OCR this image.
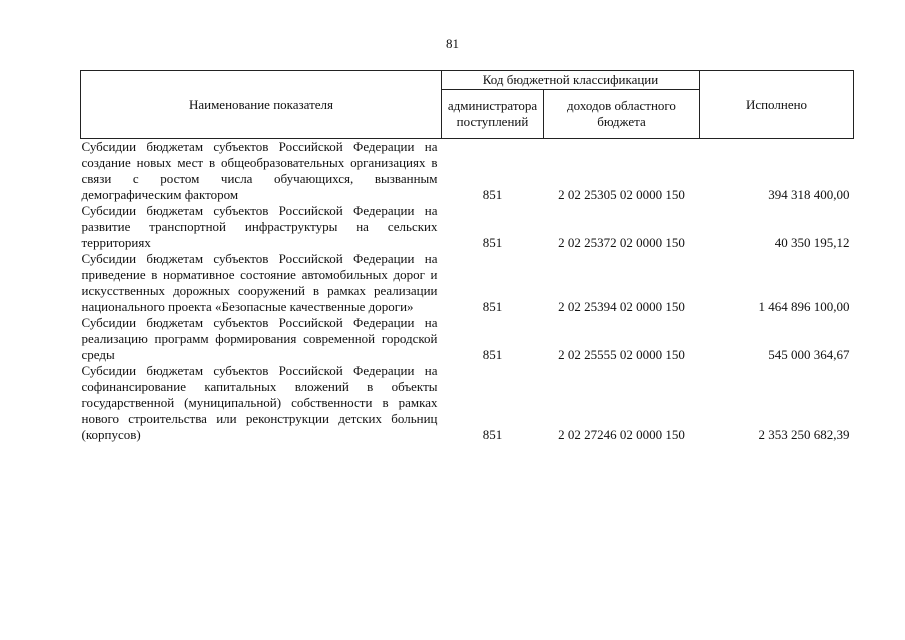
81
Наименование показателя	Код бюджетной классификации		Исполнено
	администратора поступлений	доходов областного бюджета	
Субсидии бюджетам субъектов Российской Федерации на создание новых мест в общеобразовательных организациях в связи с ростом числа обучающихся, вызванным демографическим фактором	851	2 02 25305 02 0000 150	394 318 400,00
Субсидии бюджетам субъектов Российской Федерации на развитие транспортной инфраструктуры на сельских территориях	851	2 02 25372 02 0000 150	40 350 195,12
Субсидии бюджетам субъектов Российской Федерации на приведение в нормативное состояние автомобильных дорог и искусственных дорожных сооружений в рамках реализации национального проекта «Безопасные качественные дороги»	851	2 02 25394 02 0000 150	1 464 896 100,00
Субсидии бюджетам субъектов Российской Федерации на реализацию программ формирования современной городской среды	851	2 02 25555 02 0000 150	545 000 364,67
Субсидии бюджетам субъектов Российской Федерации на софинансирование капитальных вложений в объекты государственной (муниципальной) собственности в рамках нового строительства или реконструкции детских больниц (корпусов)	851	2 02 27246 02 0000 150	2 353 250 682,39
